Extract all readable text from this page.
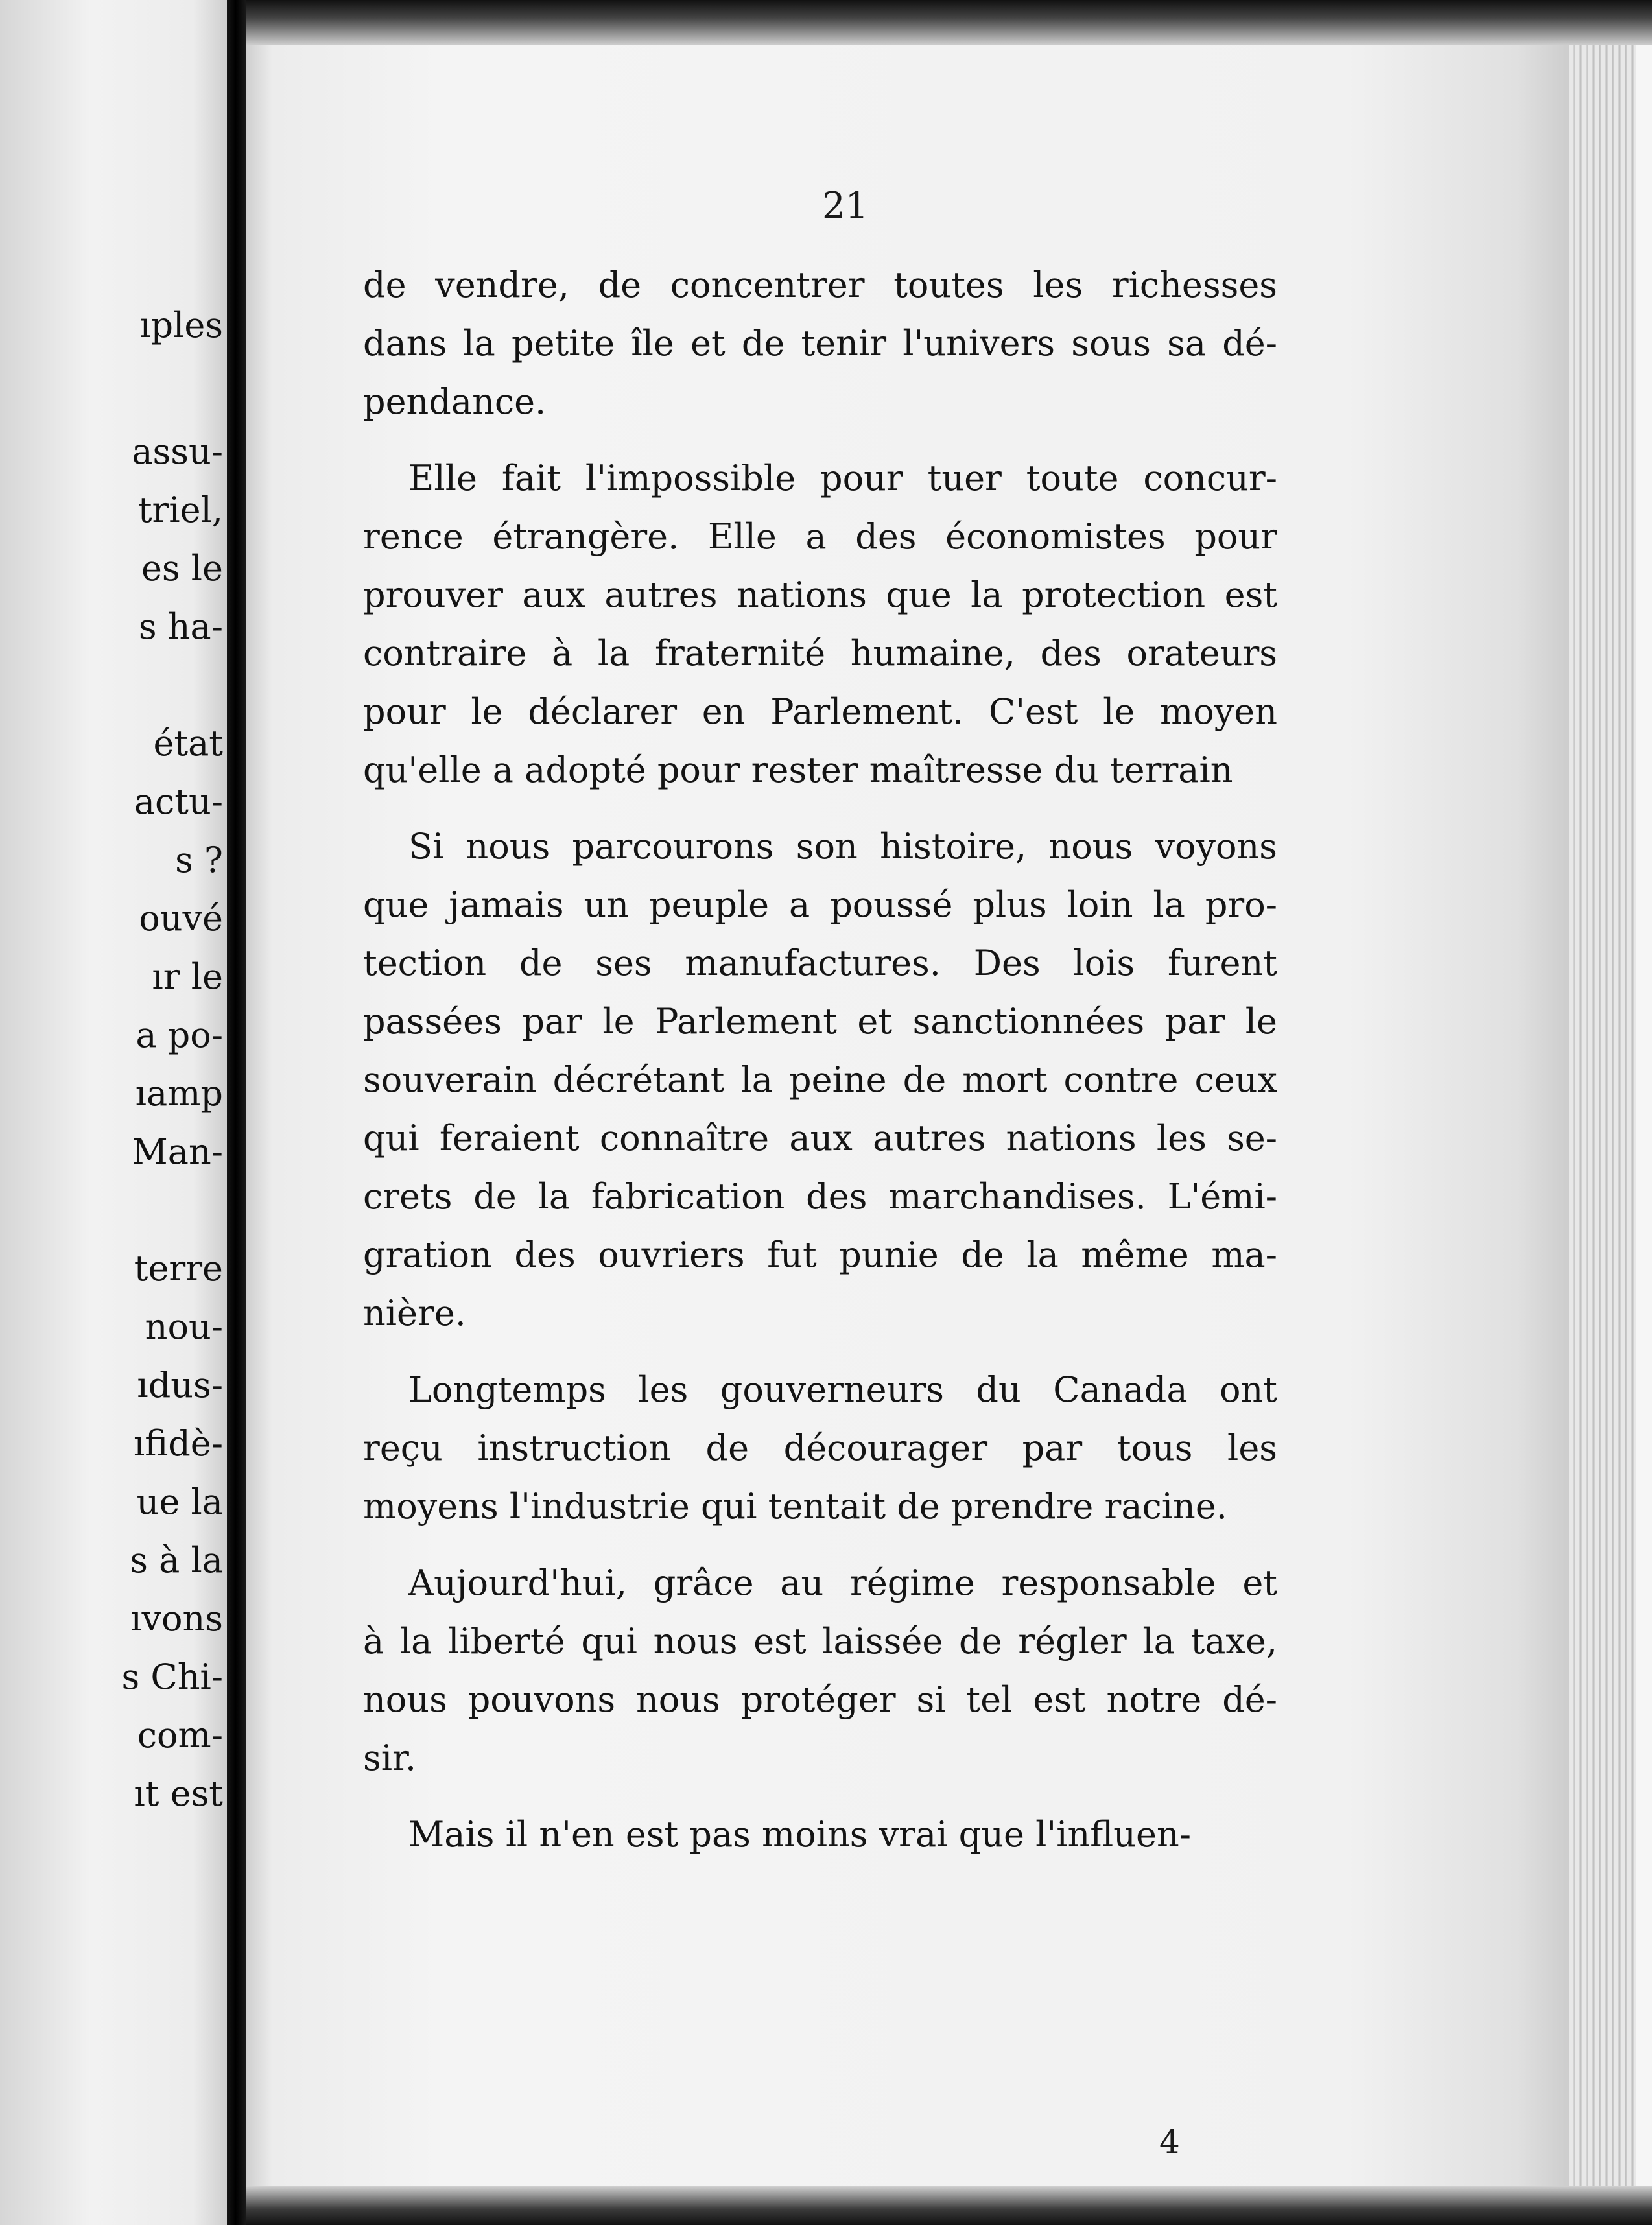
ıples
assu-
triel,
es le
s ha-
état
actu-
s ?
ouvé
ır le
a po-
ıamp
Man-
terre
nou-
ıdus-
ıfidè-
ue la
s à la
ıvons
s Chi-
com-
ıt est
21
de vendre, de concentrer toutes les richesses
dans la petite île et de tenir l'univers sous sa dé-
pendance.
Elle fait l'impossible pour tuer toute concur-
rence étrangère. Elle a des économistes pour
prouver aux autres nations que la protection est
contraire à la fraternité humaine, des orateurs
pour le déclarer en Parlement. C'est le moyen
qu'elle a adopté pour rester maîtresse du terrain
Si nous parcourons son histoire, nous voyons
que jamais un peuple a poussé plus loin la pro-
tection de ses manufactures. Des lois furent
passées par le Parlement et sanctionnées par le
souverain décrétant la peine de mort contre ceux
qui feraient connaître aux autres nations les se-
crets de la fabrication des marchandises. L'émi-
gration des ouvriers fut punie de la même ma-
nière.
Longtemps les gouverneurs du Canada ont
reçu instruction de décourager par tous les
moyens l'industrie qui tentait de prendre racine.
Aujourd'hui, grâce au régime responsable et
à la liberté qui nous est laissée de régler la taxe,
nous pouvons nous protéger si tel est notre dé-
sir.
Mais il n'en est pas moins vrai que l'influen-
4
